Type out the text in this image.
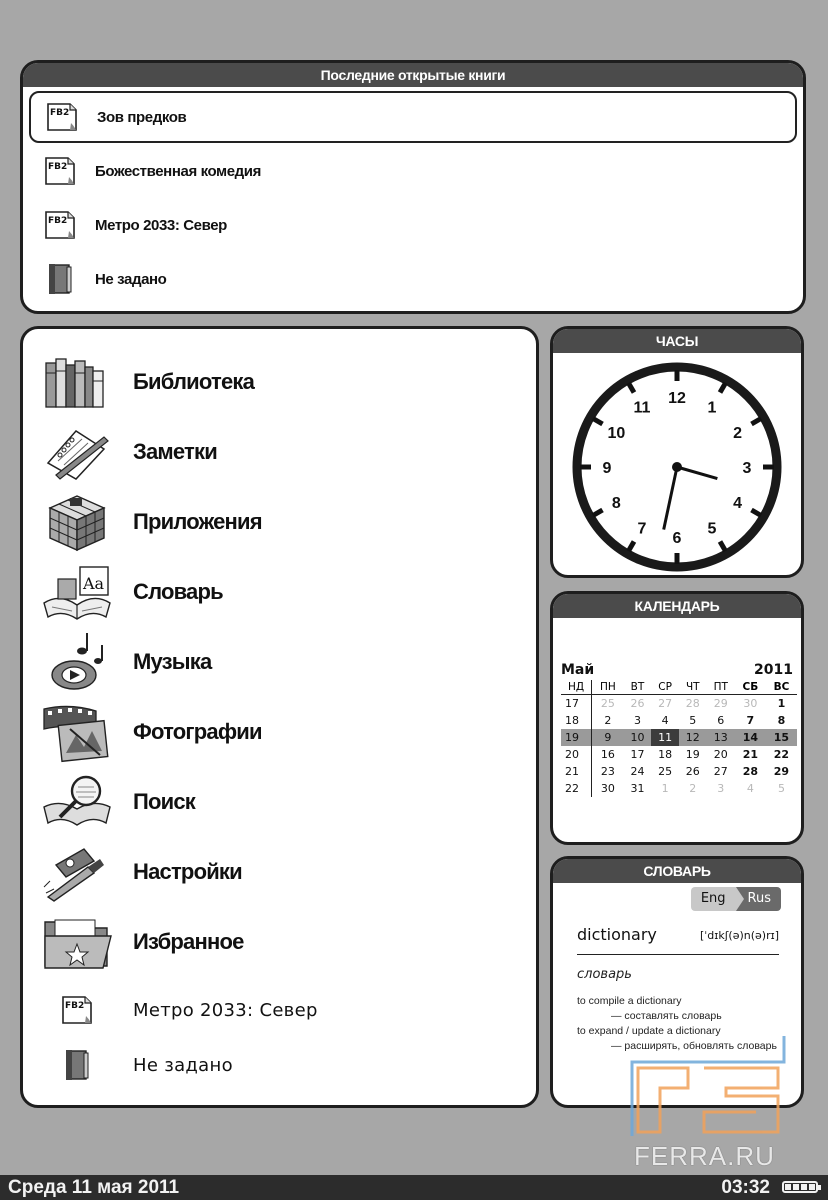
Последние открытые книги
FB2 Зов предков
FB2 Божественная комедия
FB2 Метро 2033: Север
Не задано
Библиотека
Заметки
Приложения
Aa Словарь
Музыка
Фотографии
Поиск
Настройки
Избранное
FB2	Метро 2033: Север
Не задано
ЧАСЫ
12
1
2
3
4
5
6
7
8
9
10
11
КАЛЕНДАРЬ
Май	2011
НД	ПН	ВТ	СР	ЧТ	ПТ	СБ	ВС
17	25	26	27	28	29	30	1
18	2	3	4	5	6	7	8
19	9	10	11	12	13	14	15
20	16	17	18	19	20	21	22
21	23	24	25	26	27	28	29
22	30	31	1	2	3	4	5
СЛОВАРЬ
Eng	Rus
dictionary	[ˈdɪkʃ(ə)n(ə)rɪ]
словарь
to compile a dictionary
— составлять словарь
to expand / update a dictionary
— расширять, обновлять словарь
FERRA.RU
Среда 11 мая 2011	03:32
